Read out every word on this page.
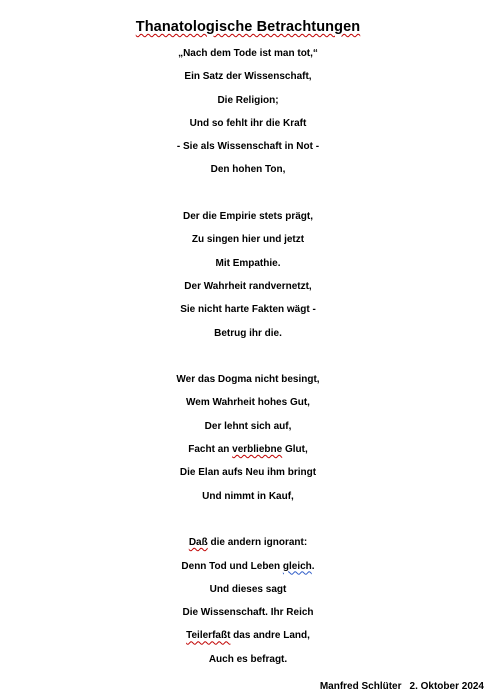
Thanatologische Betrachtungen
„Nach dem Tode ist man tot,“
Ein Satz der Wissenschaft,
Die Religion;
Und so fehlt ihr die Kraft
- Sie als Wissenschaft in Not -
Den hohen Ton,
Der die Empirie stets prägt,
Zu singen hier und jetzt
Mit Empathie.
Der Wahrheit randvernetzt,
Sie nicht harte Fakten wägt -
Betrug ihr die.
Wer das Dogma nicht besingt,
Wem Wahrheit hohes Gut,
Der lehnt sich auf,
Facht an verbliebne Glut,
Die Elan aufs Neu ihm bringt
Und nimmt in Kauf,
Daß die andern ignorant:
Denn Tod und Leben gleich.
Und dieses sagt
Die Wissenschaft. Ihr Reich
Teilerfaßt das andre Land,
Auch es befragt.
Manfred Schlüter 2. Oktober 2024
